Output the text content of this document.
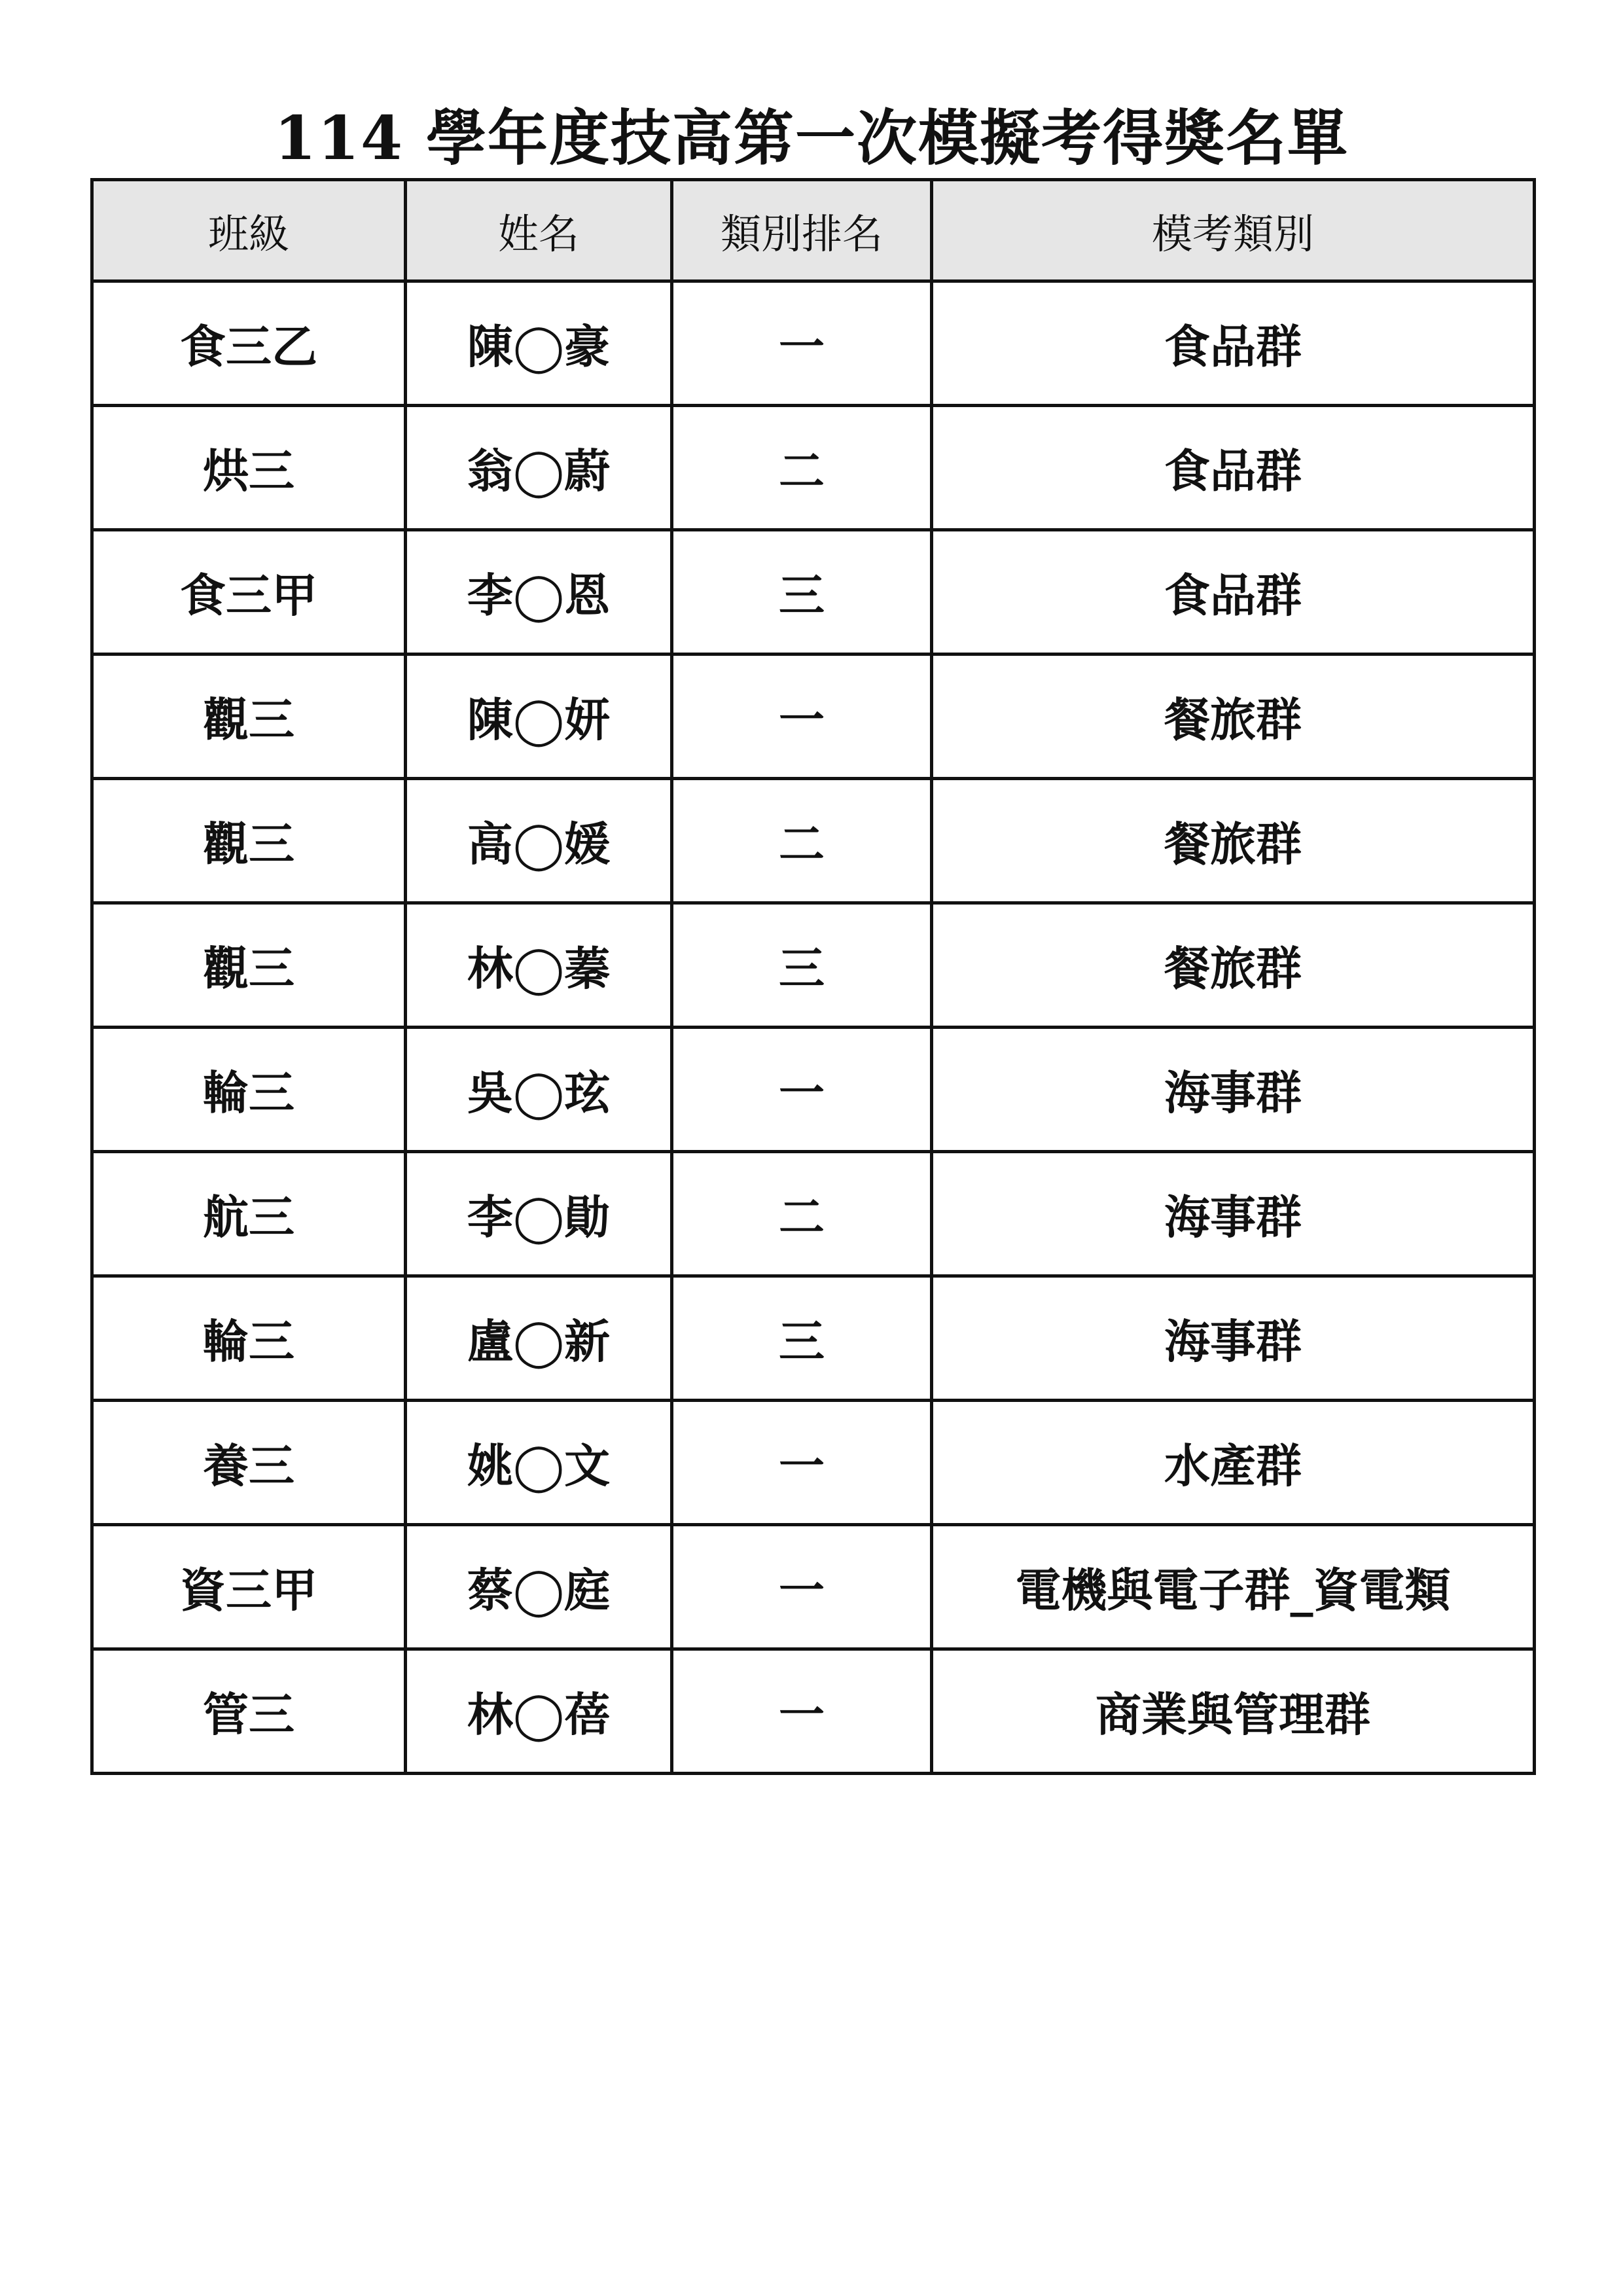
114 學年度技高第一次模擬考得獎名單
班級	姓名	類別排名	模考類別
食三乙	陳◯豪	一	食品群
烘三	翁◯蔚	二	食品群
食三甲	李◯恩	三	食品群
觀三	陳◯妍	一	餐旅群
觀三	高◯媛	二	餐旅群
觀三	林◯蓁	三	餐旅群
輪三	吳◯玹	一	海事群
航三	李◯勛	二	海事群
輪三	盧◯新	三	海事群
養三	姚◯文	一	水產群
資三甲	蔡◯庭	一	電機與電子群_資電類
管三	林◯蓓	一	商業與管理群
